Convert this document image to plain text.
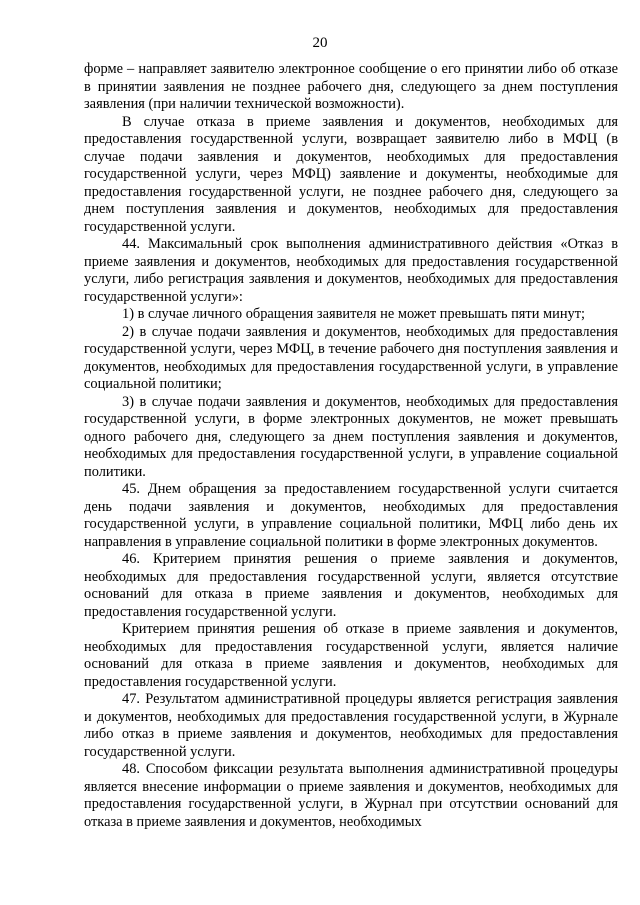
20

форме – направляет заявителю электронное сообщение о его принятии либо об отказе в принятии заявления не позднее рабочего дня, следующего за днем поступления заявления (при наличии технической возможности).

В случае отказа в приеме заявления и документов, необходимых для предоставления государственной услуги, возвращает заявителю либо в МФЦ (в случае подачи заявления и документов, необходимых для предоставления государственной услуги, через МФЦ) заявление и документы, необходимые для предоставления государственной услуги, не позднее рабочего дня, следующего за днем поступления заявления и документов, необходимых для предоставления государственной услуги.

44. Максимальный срок выполнения административного действия «Отказ в приеме заявления и документов, необходимых для предоставления государственной услуги, либо регистрация заявления и документов, необходимых для предоставления государственной услуги»:

1) в случае личного обращения заявителя не может превышать пяти минут;

2) в случае подачи заявления и документов, необходимых для предоставления государственной услуги, через МФЦ, в течение рабочего дня поступления заявления и документов, необходимых для предоставления государственной услуги, в управление социальной политики;

3) в случае подачи заявления и документов, необходимых для предоставления государственной услуги, в форме электронных документов, не может превышать одного рабочего дня, следующего за днем поступления заявления и документов, необходимых для предоставления государственной услуги, в управление социальной политики.

45. Днем обращения за предоставлением государственной услуги считается день подачи заявления и документов, необходимых для предоставления государственной услуги, в управление социальной политики, МФЦ либо день их направления в управление социальной политики в форме электронных документов.

46. Критерием принятия решения о приеме заявления и документов, необходимых для предоставления государственной услуги, является отсутствие оснований для отказа в приеме заявления и документов, необходимых для предоставления государственной услуги.

Критерием принятия решения об отказе в приеме заявления и документов, необходимых для предоставления государственной услуги, является наличие оснований для отказа в приеме заявления и документов, необходимых для предоставления государственной услуги.

47. Результатом административной процедуры является регистрация заявления и документов, необходимых для предоставления государственной услуги, в Журнале либо отказ в приеме заявления и документов, необходимых для предоставления государственной услуги.

48. Способом фиксации результата выполнения административной процедуры является внесение информации о приеме заявления и документов, необходимых для предоставления государственной услуги, в Журнал при отсутствии оснований для отказа в приеме заявления и документов, необходимых
